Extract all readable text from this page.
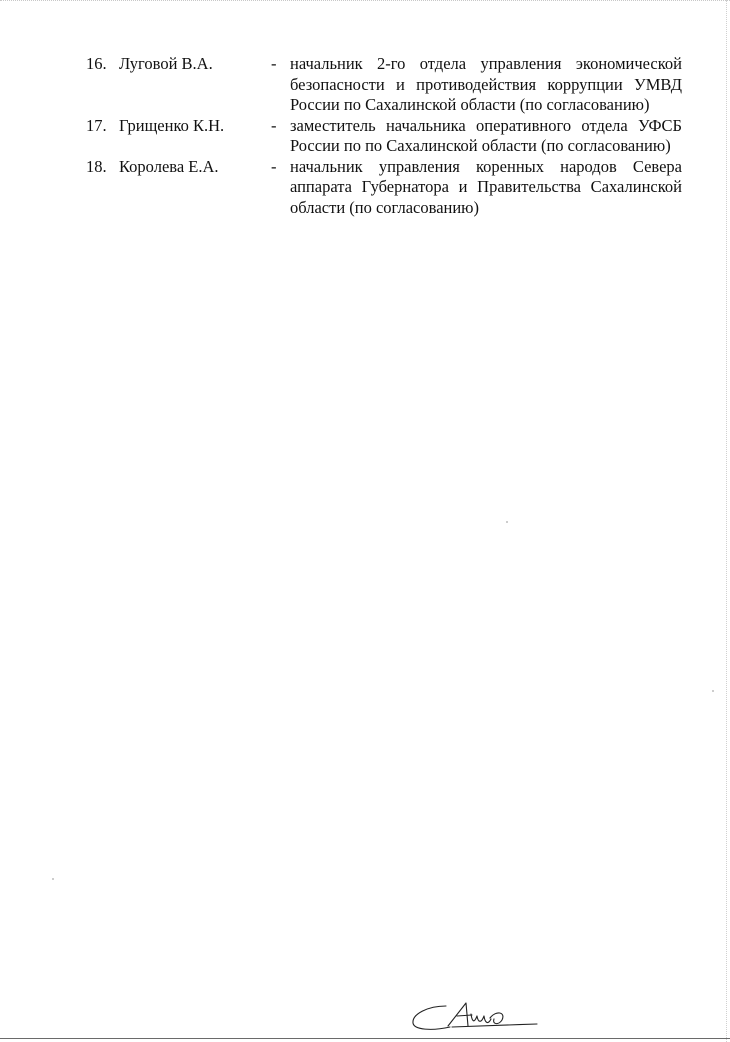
16. Луговой В.А.	- начальник 2-го отдела управления экономической безопасности и противодействия коррупции УМВД России по Сахалинской области (по согласованию)
17. Грищенко К.Н.	- заместитель начальника оперативного отдела УФСБ России по по Сахалинской области (по согласованию)
18. Королева Е.А.	- начальник управления коренных народов Севера аппарата Губернатора и Правительства Сахалинской области (по согласованию)
